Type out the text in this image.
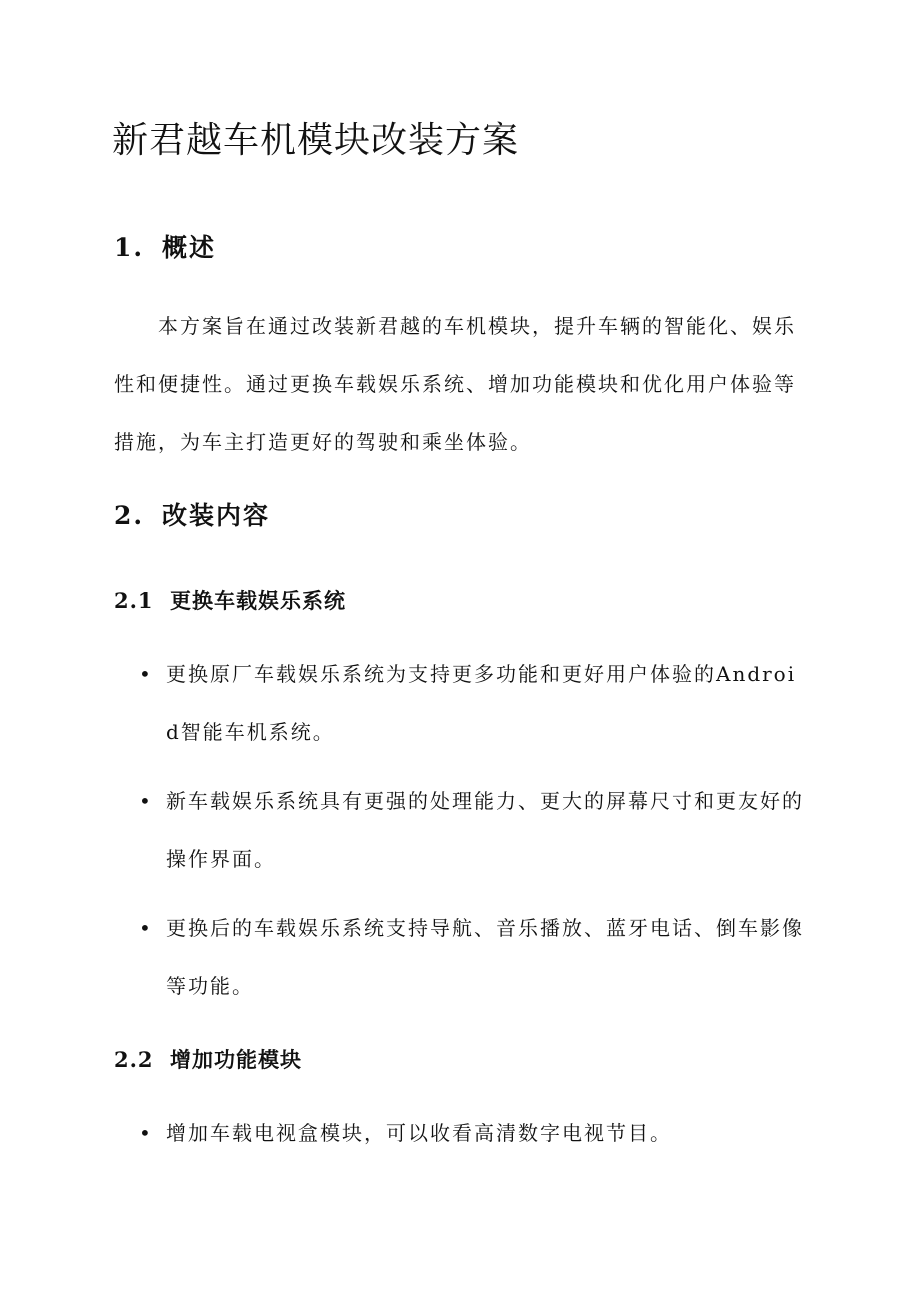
新君越车机模块改装方案
1. 概述

本方案旨在通过改装新君越的车机模块，提升车辆的智能化、娱乐性和便捷性。通过更换车载娱乐系统、增加功能模块和优化用户体验等措施，为车主打造更好的驾驶和乘坐体验。

2. 改装内容
2.1 更换车载娱乐系统
• 更换原厂车载娱乐系统为支持更多功能和更好用户体验的Android智能车机系统。

• 新车载娱乐系统具有更强的处理能力、更大的屏幕尺寸和更友好的操作界面。

• 更换后的车载娱乐系统支持导航、音乐播放、蓝牙电话、倒车影像等功能。

2.2 增加功能模块
• 增加车载电视盒模块，可以收看高清数字电视节目。
